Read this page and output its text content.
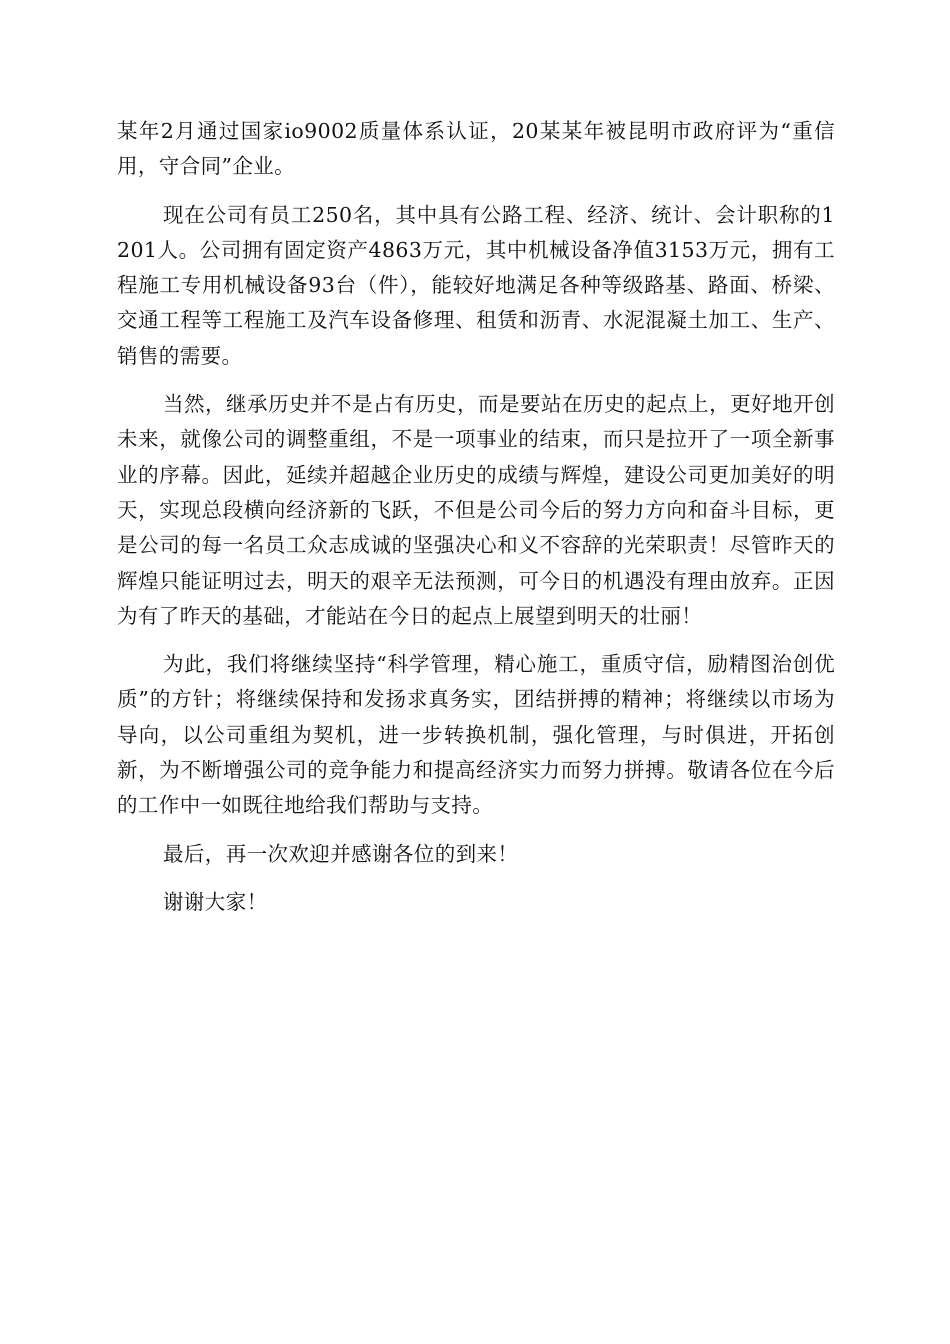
某年2月通过国家io9002质量体系认证，20某某年被昆明市政府评为“重信用，守合同”企业。

现在公司有员工250名，其中具有公路工程、经济、统计、会计职称的1201人。公司拥有固定资产4863万元，其中机械设备净值3153万元，拥有工程施工专用机械设备93台（件），能较好地满足各种等级路基、路面、桥梁、交通工程等工程施工及汽车设备修理、租赁和沥青、水泥混凝土加工、生产、销售的需要。

当然，继承历史并不是占有历史，而是要站在历史的起点上，更好地开创未来，就像公司的调整重组，不是一项事业的结束，而只是拉开了一项全新事业的序幕。因此，延续并超越企业历史的成绩与辉煌，建设公司更加美好的明天，实现总段横向经济新的飞跃，不但是公司今后的努力方向和奋斗目标，更是公司的每一名员工众志成诚的坚强决心和义不容辞的光荣职责！尽管昨天的辉煌只能证明过去，明天的艰辛无法预测，可今日的机遇没有理由放弃。正因为有了昨天的基础，才能站在今日的起点上展望到明天的壮丽！

为此，我们将继续坚持“科学管理，精心施工，重质守信，励精图治创优质”的方针；将继续保持和发扬求真务实，团结拼搏的精神；将继续以市场为导向，以公司重组为契机，进一步转换机制，强化管理，与时俱进，开拓创新，为不断增强公司的竞争能力和提高经济实力而努力拼搏。敬请各位在今后的工作中一如既往地给我们帮助与支持。

最后，再一次欢迎并感谢各位的到来！

谢谢大家！
